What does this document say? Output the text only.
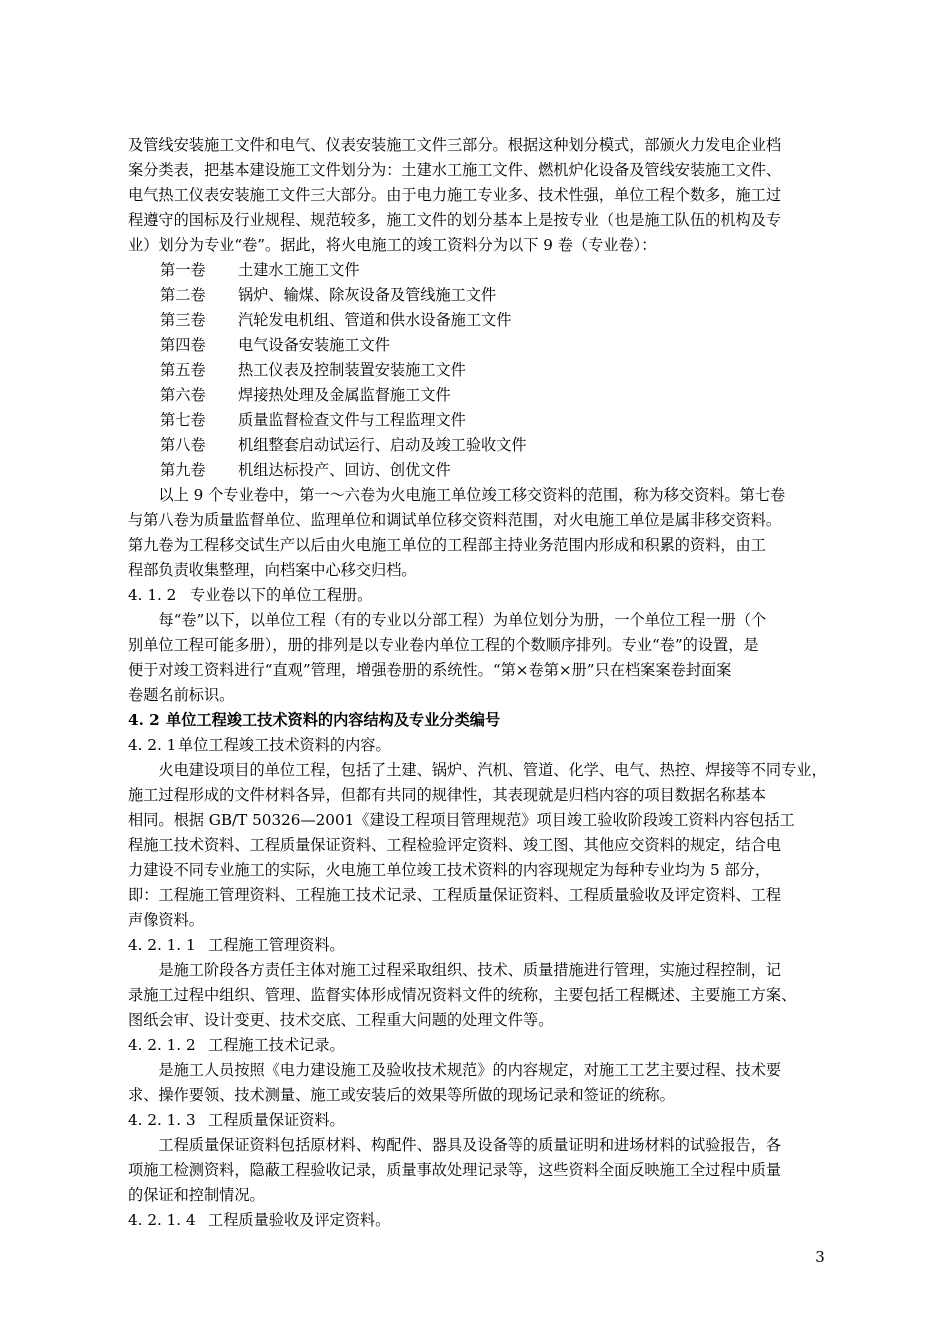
及管线安装施工文件和电气、仪表安装施工文件三部分。根据这种划分模式，部颁火力发电企业档
案分类表，把基本建设施工文件划分为：土建水工施工文件、燃机炉化设备及管线安装施工文件、
电气热工仪表安装施工文件三大部分。由于电力施工专业多、技术性强，单位工程个数多，施工过
程遵守的国标及行业规程、规范较多，施工文件的划分基本上是按专业（也是施工队伍的机构及专
业）划分为专业“卷”。据此，将火电施工的竣工资料分为以下 9 卷（专业卷）：
第一卷 土建水工施工文件
第二卷 锅炉、输煤、除灰设备及管线施工文件
第三卷 汽轮发电机组、管道和供水设备施工文件
第四卷 电气设备安装施工文件
第五卷 热工仪表及控制装置安装施工文件
第六卷 焊接热处理及金属监督施工文件
第七卷 质量监督检查文件与工程监理文件
第八卷 机组整套启动试运行、启动及竣工验收文件
第九卷 机组达标投产、回访、创优文件
以上 9 个专业卷中，第一～六卷为火电施工单位竣工移交资料的范围，称为移交资料。第七卷
与第八卷为质量监督单位、监理单位和调试单位移交资料范围，对火电施工单位是属非移交资料。
第九卷为工程移交试生产以后由火电施工单位的工程部主持业务范围内形成和积累的资料，由工
程部负责收集整理，向档案中心移交归档。
4. 1. 2 专业卷以下的单位工程册。
每“卷”以下，以单位工程（有的专业以分部工程）为单位划分为册，一个单位工程一册（个
别单位工程可能多册），册的排列是以专业卷内单位工程的个数顺序排列。专业“卷”的设置，是
便于对竣工资料进行“直观”管理，增强卷册的系统性。“第×卷第×册”只在档案案卷封面案
卷题名前标识。
4. 2 单位工程竣工技术资料的内容结构及专业分类编号
4. 2. 1 单位工程竣工技术资料的内容。
火电建设项目的单位工程，包括了土建、锅炉、汽机、管道、化学、电气、热控、焊接等不同专业，
施工过程形成的文件材料各异，但都有共同的规律性，其表现就是归档内容的项目数据名称基本
相同。根据 GB/T 50326—2001《建设工程项目管理规范》项目竣工验收阶段竣工资料内容包括工
程施工技术资料、工程质量保证资料、工程检验评定资料、竣工图、其他应交资料的规定，结合电
力建设不同专业施工的实际，火电施工单位竣工技术资料的内容现规定为每种专业均为 5 部分，
即：工程施工管理资料、工程施工技术记录、工程质量保证资料、工程质量验收及评定资料、工程
声像资料。
4. 2. 1. 1 工程施工管理资料。
是施工阶段各方责任主体对施工过程采取组织、技术、质量措施进行管理，实施过程控制，记
录施工过程中组织、管理、监督实体形成情况资料文件的统称，主要包括工程概述、主要施工方案、
图纸会审、设计变更、技术交底、工程重大问题的处理文件等。
4. 2. 1. 2 工程施工技术记录。
是施工人员按照《电力建设施工及验收技术规范》的内容规定，对施工工艺主要过程、技术要
求、操作要领、技术测量、施工或安装后的效果等所做的现场记录和签证的统称。
4. 2. 1. 3 工程质量保证资料。
工程质量保证资料包括原材料、构配件、器具及设备等的质量证明和进场材料的试验报告，各
项施工检测资料，隐蔽工程验收记录，质量事故处理记录等，这些资料全面反映施工全过程中质量
的保证和控制情况。
4. 2. 1. 4 工程质量验收及评定资料。
3
